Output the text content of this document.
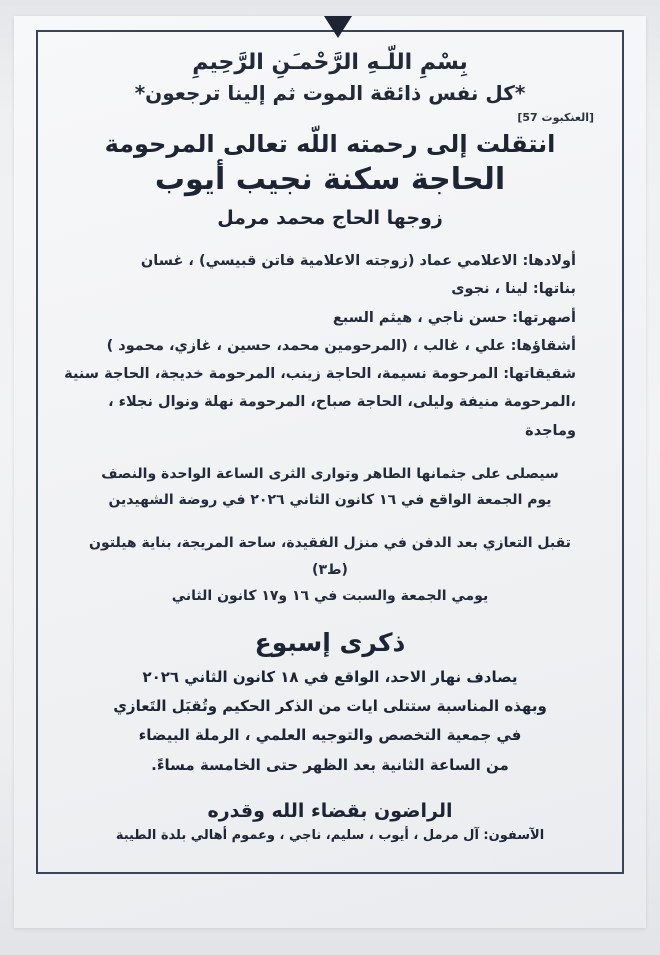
بِسْمِ اللّـهِ الرَّحْمـَنِ الرَّحِيمِ
*كل نفس ذائقة الموت ثم إلينا ترجعون*
[العنكبوت 57]
انتقلت إلى رحمته اللّه تعالى المرحومة
الحاجة سكنة نجيب أيوب
زوجها الحاج محمد مرمل
أولادها: الاعلامي عماد (زوجته الاعلامية فاتن قبيسي) ، غسان
بناتها: لينا ، نجوى
أصهرتها: حسن ناجي ، هيثم السبع
أشقاؤها: علي ، غالب ، (المرحومين محمد، حسين ، غازي، محمود )
شقيقاتها: المرحومة نسيمة، الحاجة زينب، المرحومة خديجة، الحاجة سنية ،المرحومة منيفة وليلى، الحاجة صباح، المرحومة نهلة ونوال نجلاء ، وماجدة
سيصلى على جثمانها الطاهر وتوارى الثرى الساعة الواحدة والنصف
يوم الجمعة الواقع في ١٦ كانون الثاني ٢٠٢٦ في روضة الشهيدين
تقبل التعازي بعد الدفن في منزل الفقيدة، ساحة المريجة، بناية هيلتون (ط٣)
يومي الجمعة والسبت في ١٦ و١٧ كانون الثاني
ذكرى إسبوع
يصادف نهار الاحد، الواقع في ١٨ كانون الثاني ٢٠٢٦
وبهذه المناسبة ستتلى ايات من الذكر الحكيم وتُقبَل التَعازي
في جمعية التخصص والتوجيه العلمي ، الرملة البيضاء
من الساعة الثانية بعد الظهر حتى الخامسة مساءً.
الراضون بقضاء الله وقدره
الآسفون: آل مرمل ، أيوب ، سليم، ناجي ، وعموم أهالي بلدة الطيبة
